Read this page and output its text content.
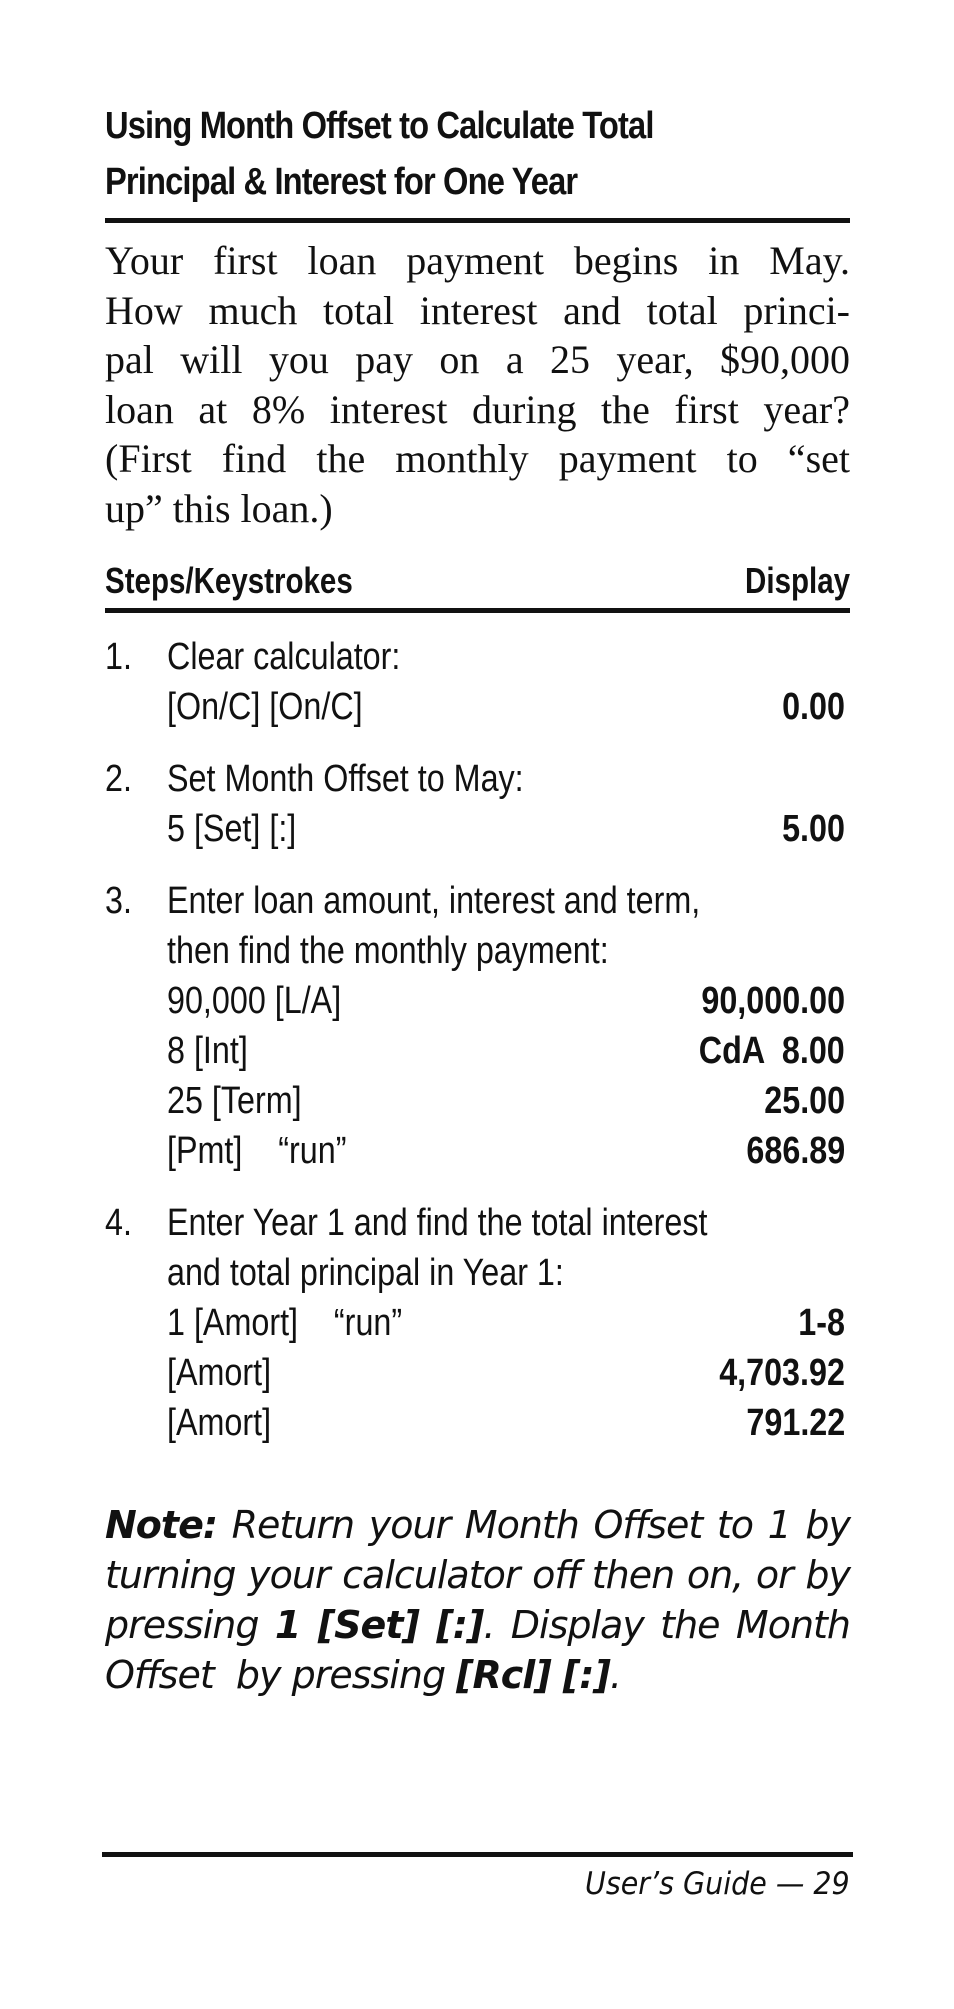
Using Month Offset to Calculate Total
Principal & Interest for One Year
Your first loan payment begins in May.
How much total interest and total princi-
pal will you pay on a 25 year, $90,000
loan at 8% interest during the first year?
(First find the monthly payment to “set
up” this loan.)
Steps/Keystrokes	Display
1. Clear calculator:
[On/C] [On/C]	0.00
2. Set Month Offset to May:
5 [Set] [:]	5.00
3. Enter loan amount, interest and term,
then find the monthly payment:
90,000 [L/A]	90,000.00
8 [Int]	CdA  8.00
25 [Term]	25.00
[Pmt]    “run”	686.89
4. Enter Year 1 and find the total interest
and total principal in Year 1:
1 [Amort]    “run”	1-8
[Amort]	4,703.92
[Amort]	791.22
Note: Return your Month Offset to 1 by
turning your calculator off then on, or by
pressing 1 [Set] [:]. Display the Month
Offset  by pressing [Rcl] [:].
User’s Guide — 29
